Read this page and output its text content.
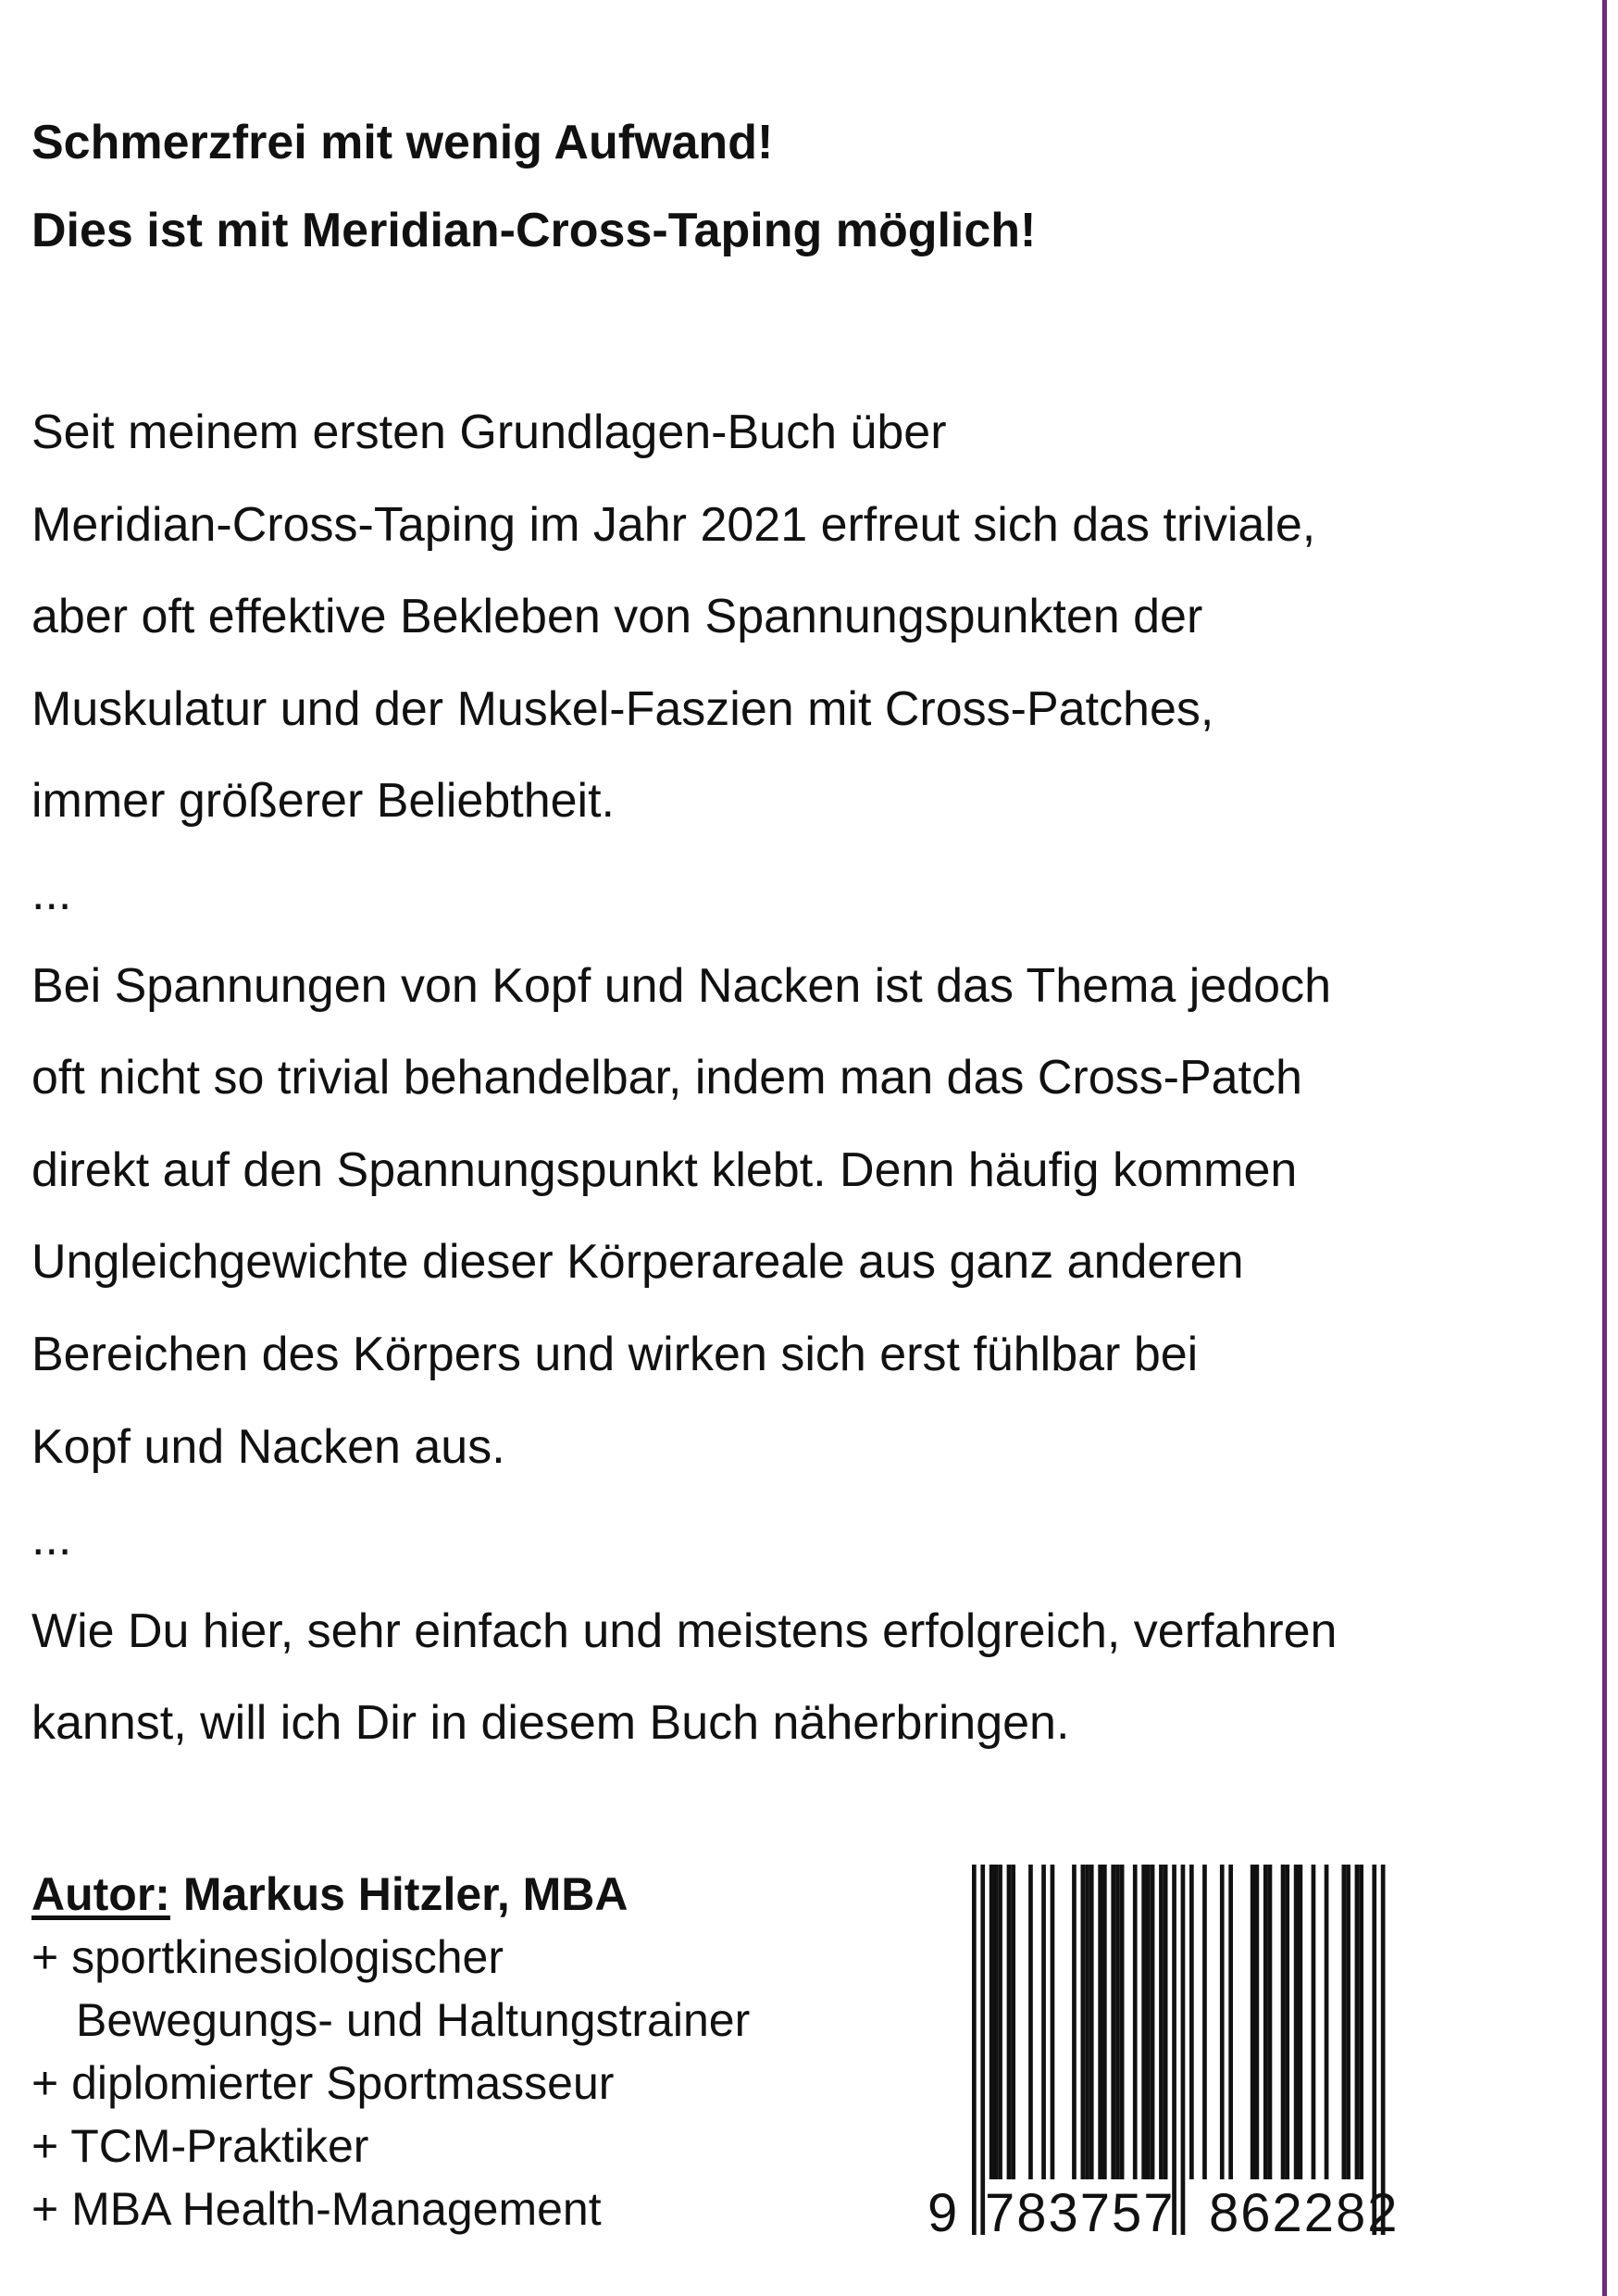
Schmerzfrei mit wenig Aufwand!
Dies ist mit Meridian-Cross-Taping möglich!
Seit meinem ersten Grundlagen-Buch über
Meridian-Cross-Taping im Jahr 2021 erfreut sich das triviale,
aber oft effektive Bekleben von Spannungspunkten der
Muskulatur und der Muskel-Faszien mit Cross-Patches,
immer größerer Beliebtheit.
...
Bei Spannungen von Kopf und Nacken ist das Thema jedoch
oft nicht so trivial behandelbar, indem man das Cross-Patch
direkt auf den Spannungspunkt klebt. Denn häufig kommen
Ungleichgewichte dieser Körperareale aus ganz anderen
Bereichen des Körpers und wirken sich erst fühlbar bei
Kopf und Nacken aus.
...
Wie Du hier, sehr einfach und meistens erfolgreich, verfahren
kannst, will ich Dir in diesem Buch näherbringen.
Autor: Markus Hitzler, MBA
+ sportkinesiologischer
Bewegungs- und Haltungstrainer
+ diplomierter Sportmasseur
+ TCM-Praktiker
+ MBA Health-Management	9 783757 862282
